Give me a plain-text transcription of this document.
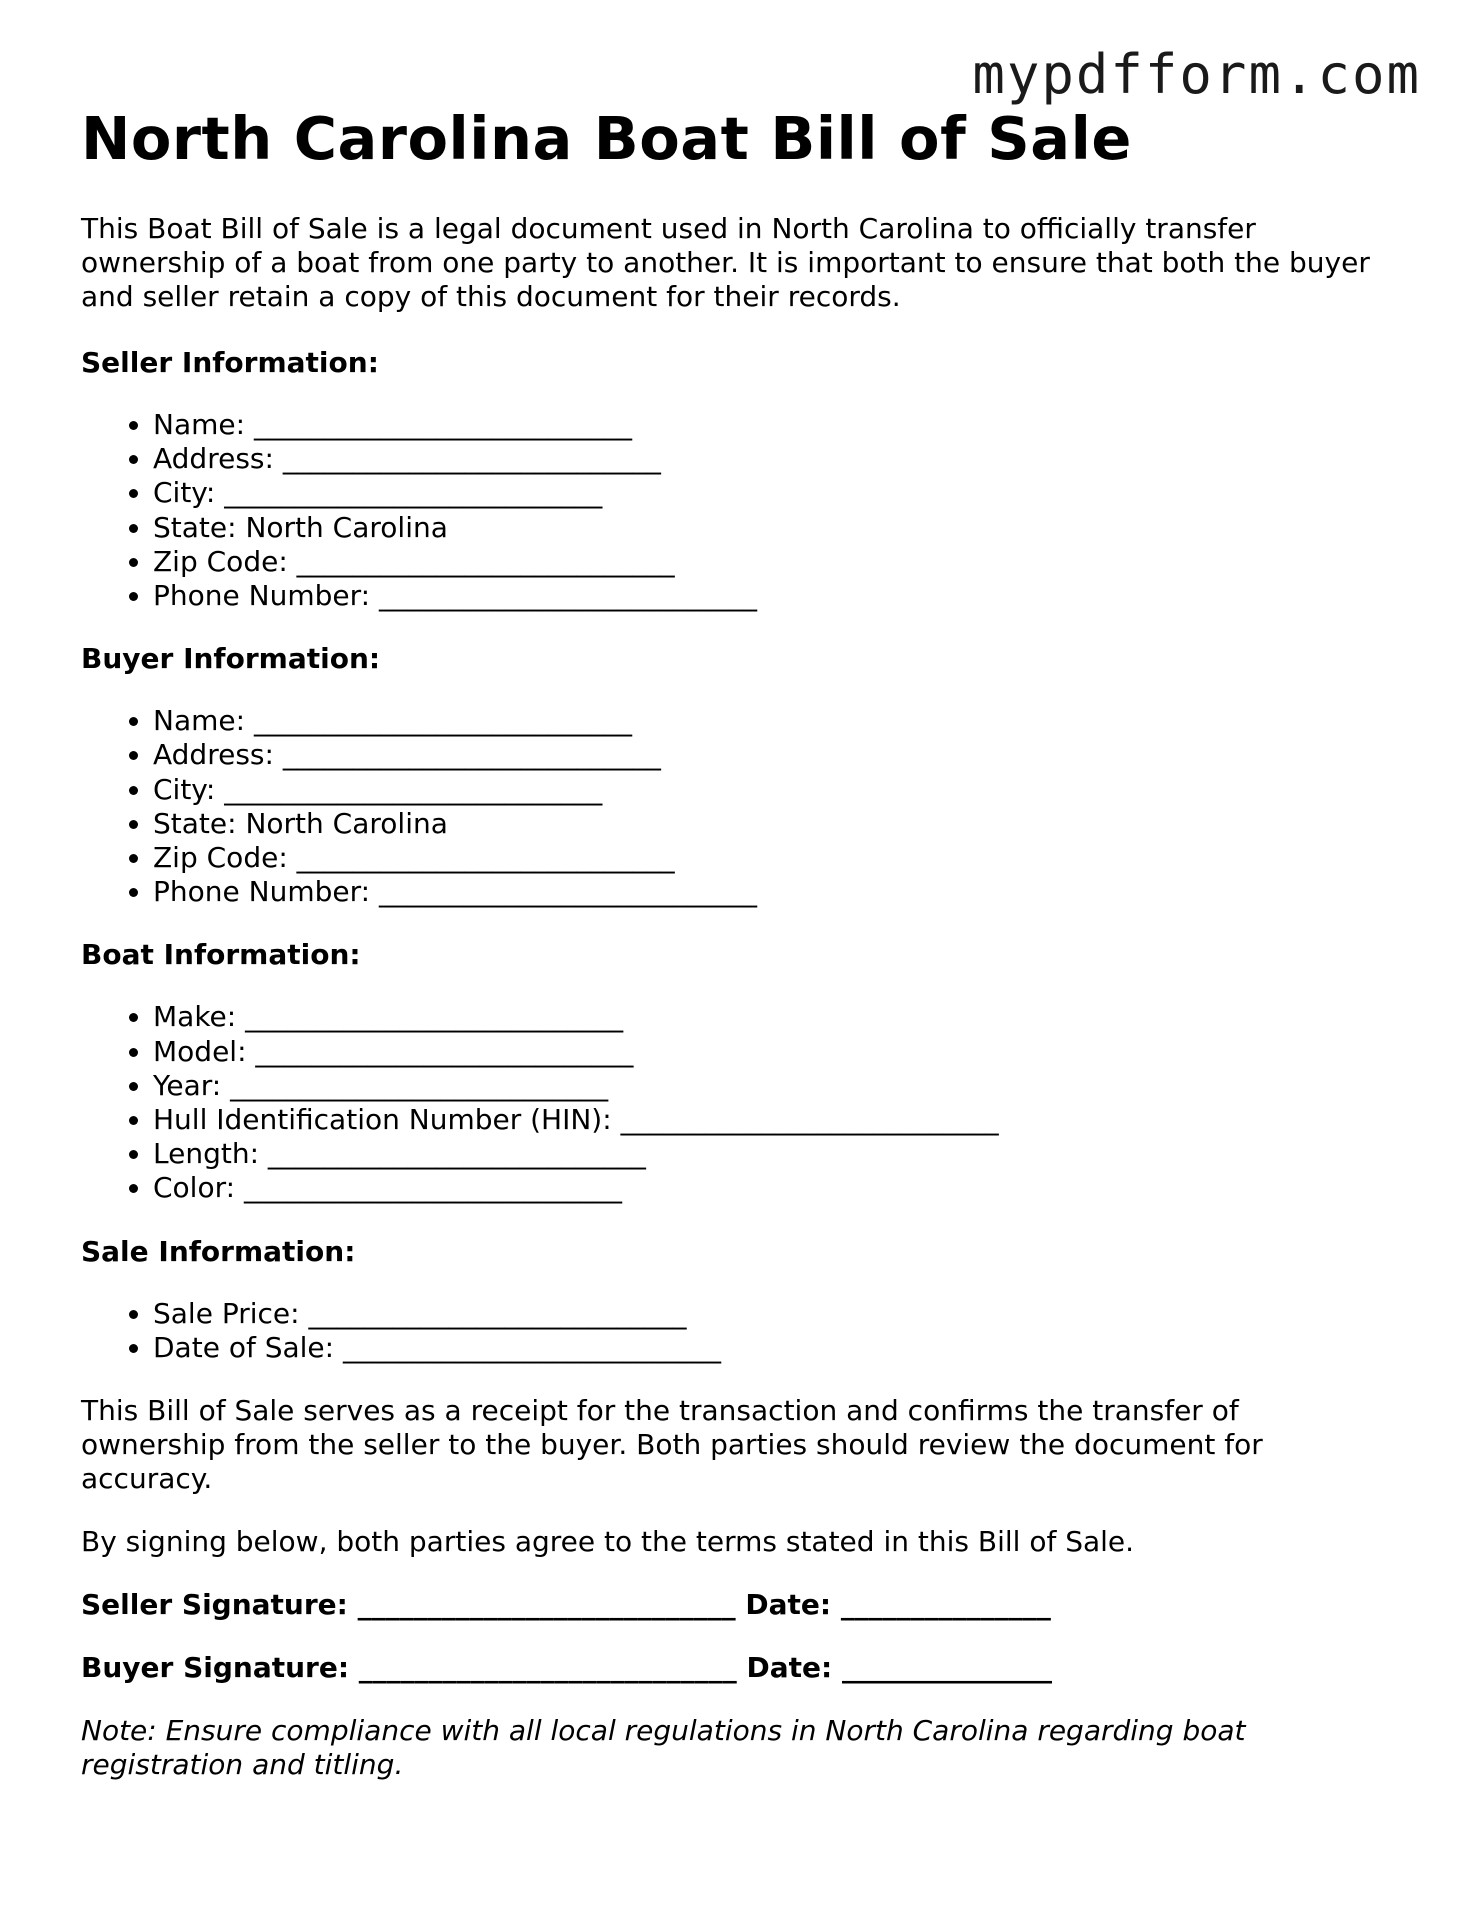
mypdfform.com
North Carolina Boat Bill of Sale

This Boat Bill of Sale is a legal document used in North Carolina to officially transfer ownership of a boat from one party to another. It is important to ensure that both the buyer and seller retain a copy of this document for their records.

Seller Information:
• Name: ___________________________
• Address: ___________________________
• City: ___________________________
• State: North Carolina
• Zip Code: ___________________________
• Phone Number: ___________________________
Buyer Information:
• Name: ___________________________
• Address: ___________________________
• City: ___________________________
• State: North Carolina
• Zip Code: ___________________________
• Phone Number: ___________________________
Boat Information:
• Make: ___________________________
• Model: ___________________________
• Year: ___________________________
• Hull Identification Number (HIN): ___________________________
• Length: ___________________________
• Color: ___________________________
Sale Information:
• Sale Price: ___________________________
• Date of Sale: ___________________________

This Bill of Sale serves as a receipt for the transaction and confirms the transfer of ownership from the seller to the buyer. Both parties should review the document for accuracy.

By signing below, both parties agree to the terms stated in this Bill of Sale.

Seller Signature: ___________________________ Date: _______________

Buyer Signature: ___________________________ Date: _______________

Note: Ensure compliance with all local regulations in North Carolina regarding boat registration and titling.
